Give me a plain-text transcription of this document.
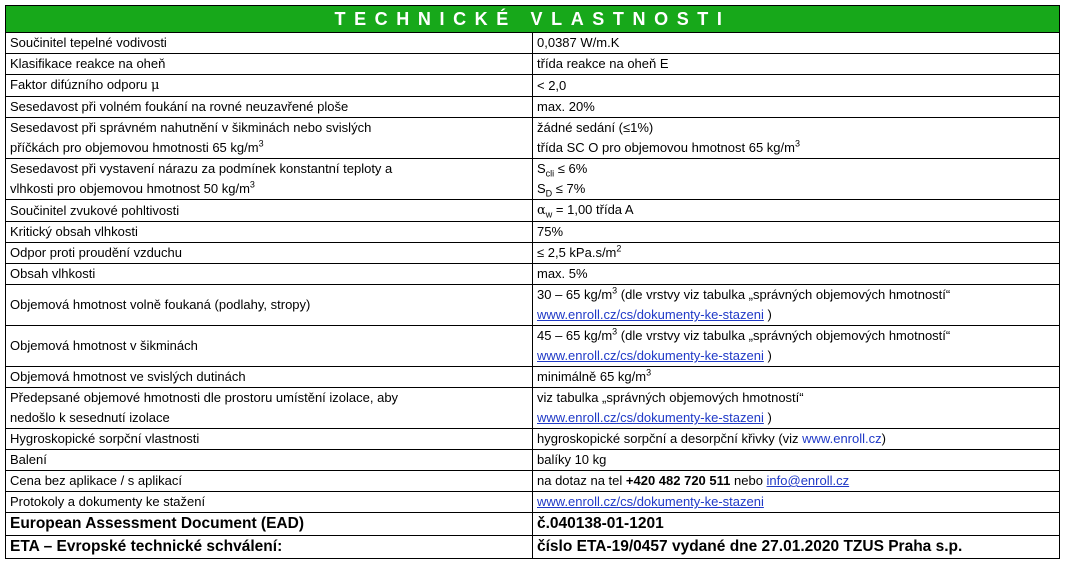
TECHNICKÉ VLASTNOSTI	
Součinitel tepelné vodivosti	0,0387 W/m.K
Klasifikace reakce na oheň	třída reakce na oheň E
Faktor difúzního odporu μ	< 2,0
Sesedavost při volném foukání na rovné neuzavřené ploše	max. 20%

Sesedavost při správném nahutnění v šikminách nebo svislých
příčkách pro objemovou hmotnosti 65 $kg/m^3$	žádné sedání (≤1%)
třída SC O pro objemovou hmotnost 65 $kg/m^3$

Sesedavost při vystavení nárazu za podmínek konstantní teploty a
vlhkosti pro objemovou hmotnost 50 $kg/m^3$	$S_{cli} \le 6\%$
$S_D \le 7\%$

Součinitel zvukové pohltivosti	$\alpha_w = 1,00$ třída A
Kritický obsah vlhkosti	75%
Odpor proti proudění vzduchu	≤ 2,5 $kPa.s/m^2$
Obsah vlhkosti	max. 5%
Objemová hmotnost volně foukaná (podlahy, stropy)	30 – 65 $kg/m^3$ (dle vrstvy viz tabulka „správných objemových hmotností“
www.enroll.cz/cs/dokumenty-ke-stazeni )

Objemová hmotnost v šikminách	45 – 65 $kg/m^3$ (dle vrstvy viz tabulka „správných objemových hmotností“
www.enroll.cz/cs/dokumenty-ke-stazeni )

Objemová hmotnost ve svislých dutinách	minimálně 65 $kg/m^3$

Předepsané objemové hmotnosti dle prostoru umístění izolace, aby
nedošlo k sesednutí izolace	viz tabulka „správných objemových hmotností“
www.enroll.cz/cs/dokumenty-ke-stazeni )

Hygroskopické sorpční vlastnosti	hygroskopické sorpční a desorpční křivky (viz www.enroll.cz)
Balení	balíky 10 kg
Cena bez aplikace / s aplikací	na dotaz na tel +420 482 720 511 nebo info@enroll.cz
Protokoly a dokumenty ke stažení	www.enroll.cz/cs/dokumenty-ke-stazeni
European Assessment Document (EAD)	č.040138-01-1201
ETA – Evropské technické schválení:	číslo ETA-19/0457 vydané dne 27.01.2020 TZUS Praha s.p.
